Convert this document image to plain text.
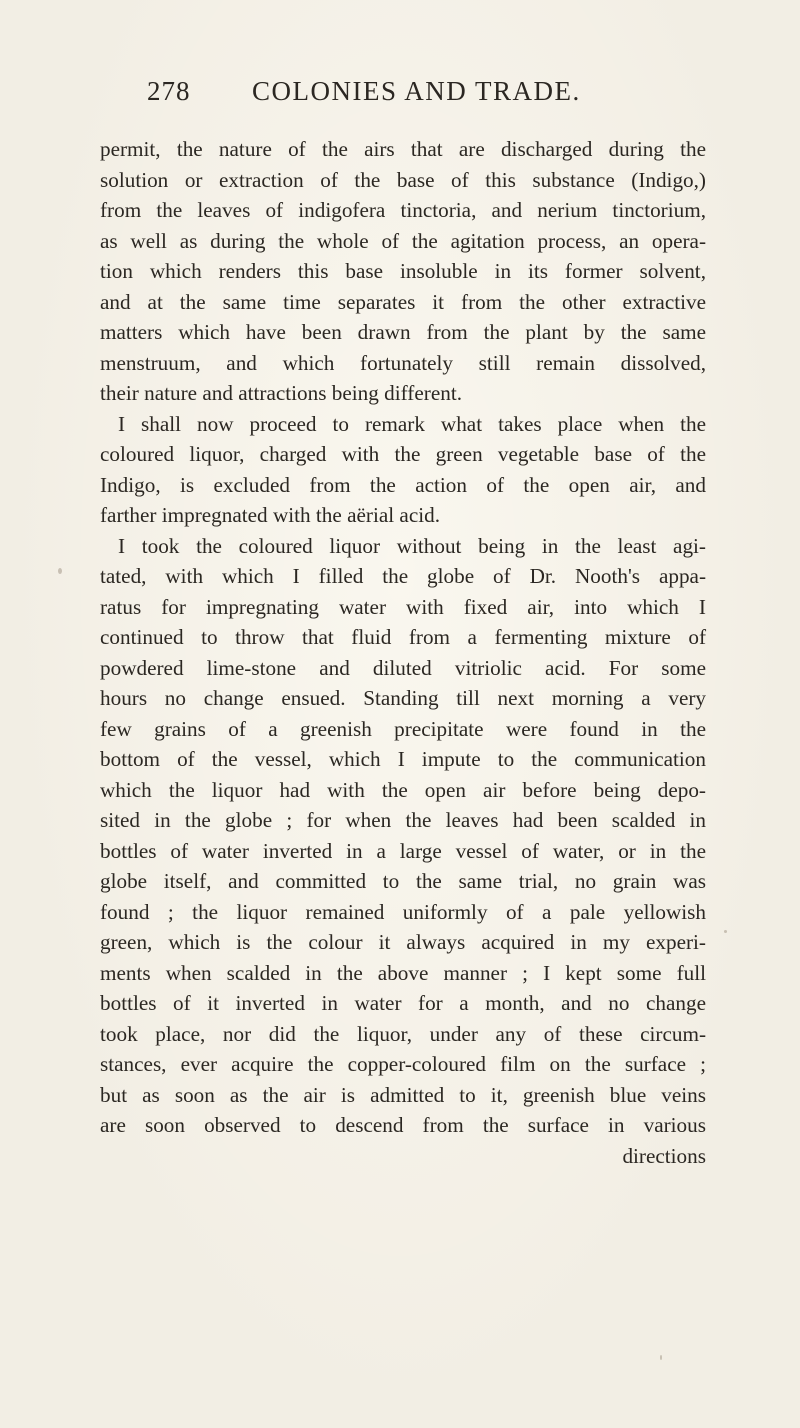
278 COLONIES AND TRADE.
permit, the nature of the airs that are discharged during the
solution or extraction of the base of this substance (Indigo,)
from the leaves of indigofera tinctoria, and nerium tinctorium,
as well as during the whole of the agitation process, an opera-
tion which renders this base insoluble in its former solvent,
and at the same time separates it from the other extractive
matters which have been drawn from the plant by the same
menstruum, and which fortunately still remain dissolved,
their nature and attractions being different.
I shall now proceed to remark what takes place when the
coloured liquor, charged with the green vegetable base of the
Indigo, is excluded from the action of the open air, and
farther impregnated with the aërial acid.
I took the coloured liquor without being in the least agi-
tated, with which I filled the globe of Dr. Nooth's appa-
ratus for impregnating water with fixed air, into which I
continued to throw that fluid from a fermenting mixture of
powdered lime-stone and diluted vitriolic acid. For some
hours no change ensued. Standing till next morning a very
few grains of a greenish precipitate were found in the
bottom of the vessel, which I impute to the communication
which the liquor had with the open air before being depo-
sited in the globe ; for when the leaves had been scalded in
bottles of water inverted in a large vessel of water, or in the
globe itself, and committed to the same trial, no grain was
found ; the liquor remained uniformly of a pale yellowish
green, which is the colour it always acquired in my experi-
ments when scalded in the above manner ; I kept some full
bottles of it inverted in water for a month, and no change
took place, nor did the liquor, under any of these circum-
stances, ever acquire the copper-coloured film on the surface ;
but as soon as the air is admitted to it, greenish blue veins
are soon observed to descend from the surface in various
directions
